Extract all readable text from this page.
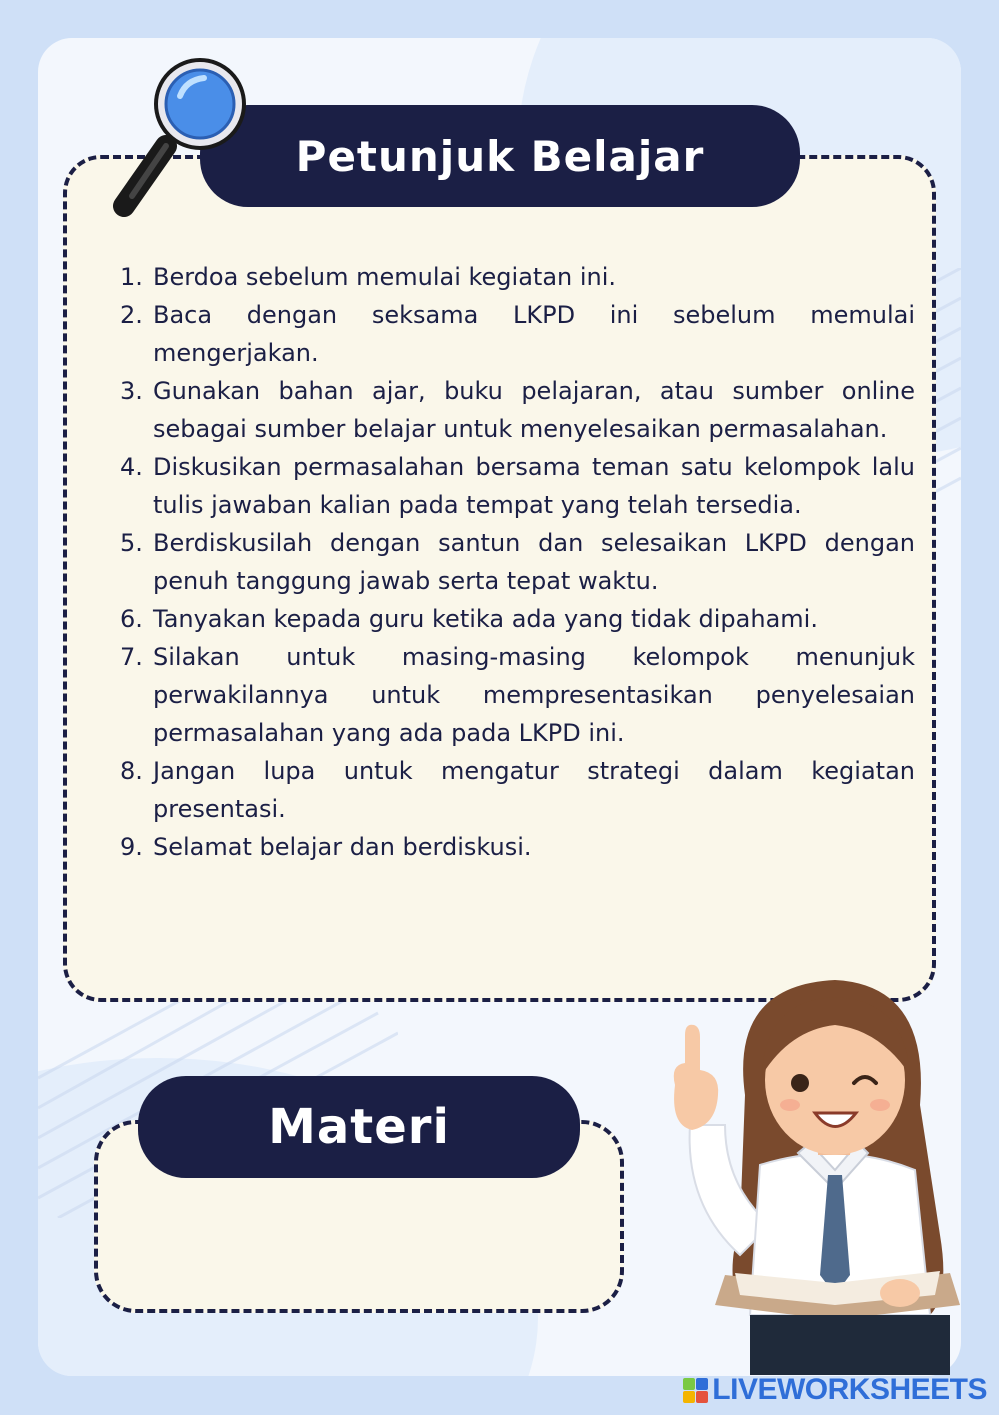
Petunjuk Belajar
1. Berdoa sebelum memulai kegiatan ini.
2. Baca dengan seksama LKPD ini sebelum memulai mengerjakan.
3. Gunakan bahan ajar, buku pelajaran, atau sumber online sebagai sumber belajar untuk menyelesaikan permasalahan.
4. Diskusikan permasalahan bersama teman satu kelompok lalu tulis jawaban kalian pada tempat yang telah tersedia.
5. Berdiskusilah dengan santun dan selesaikan LKPD dengan penuh tanggung jawab serta tepat waktu.
6. Tanyakan kepada guru ketika ada yang tidak dipahami.
7. Silakan untuk masing-masing kelompok menunjuk perwakilannya untuk mempresentasikan penyelesaian permasalahan yang ada pada LKPD ini.
8. Jangan lupa untuk mengatur strategi dalam kegiatan presentasi.
9. Selamat belajar dan berdiskusi.
Materi
LIVEWORKSHEETS
